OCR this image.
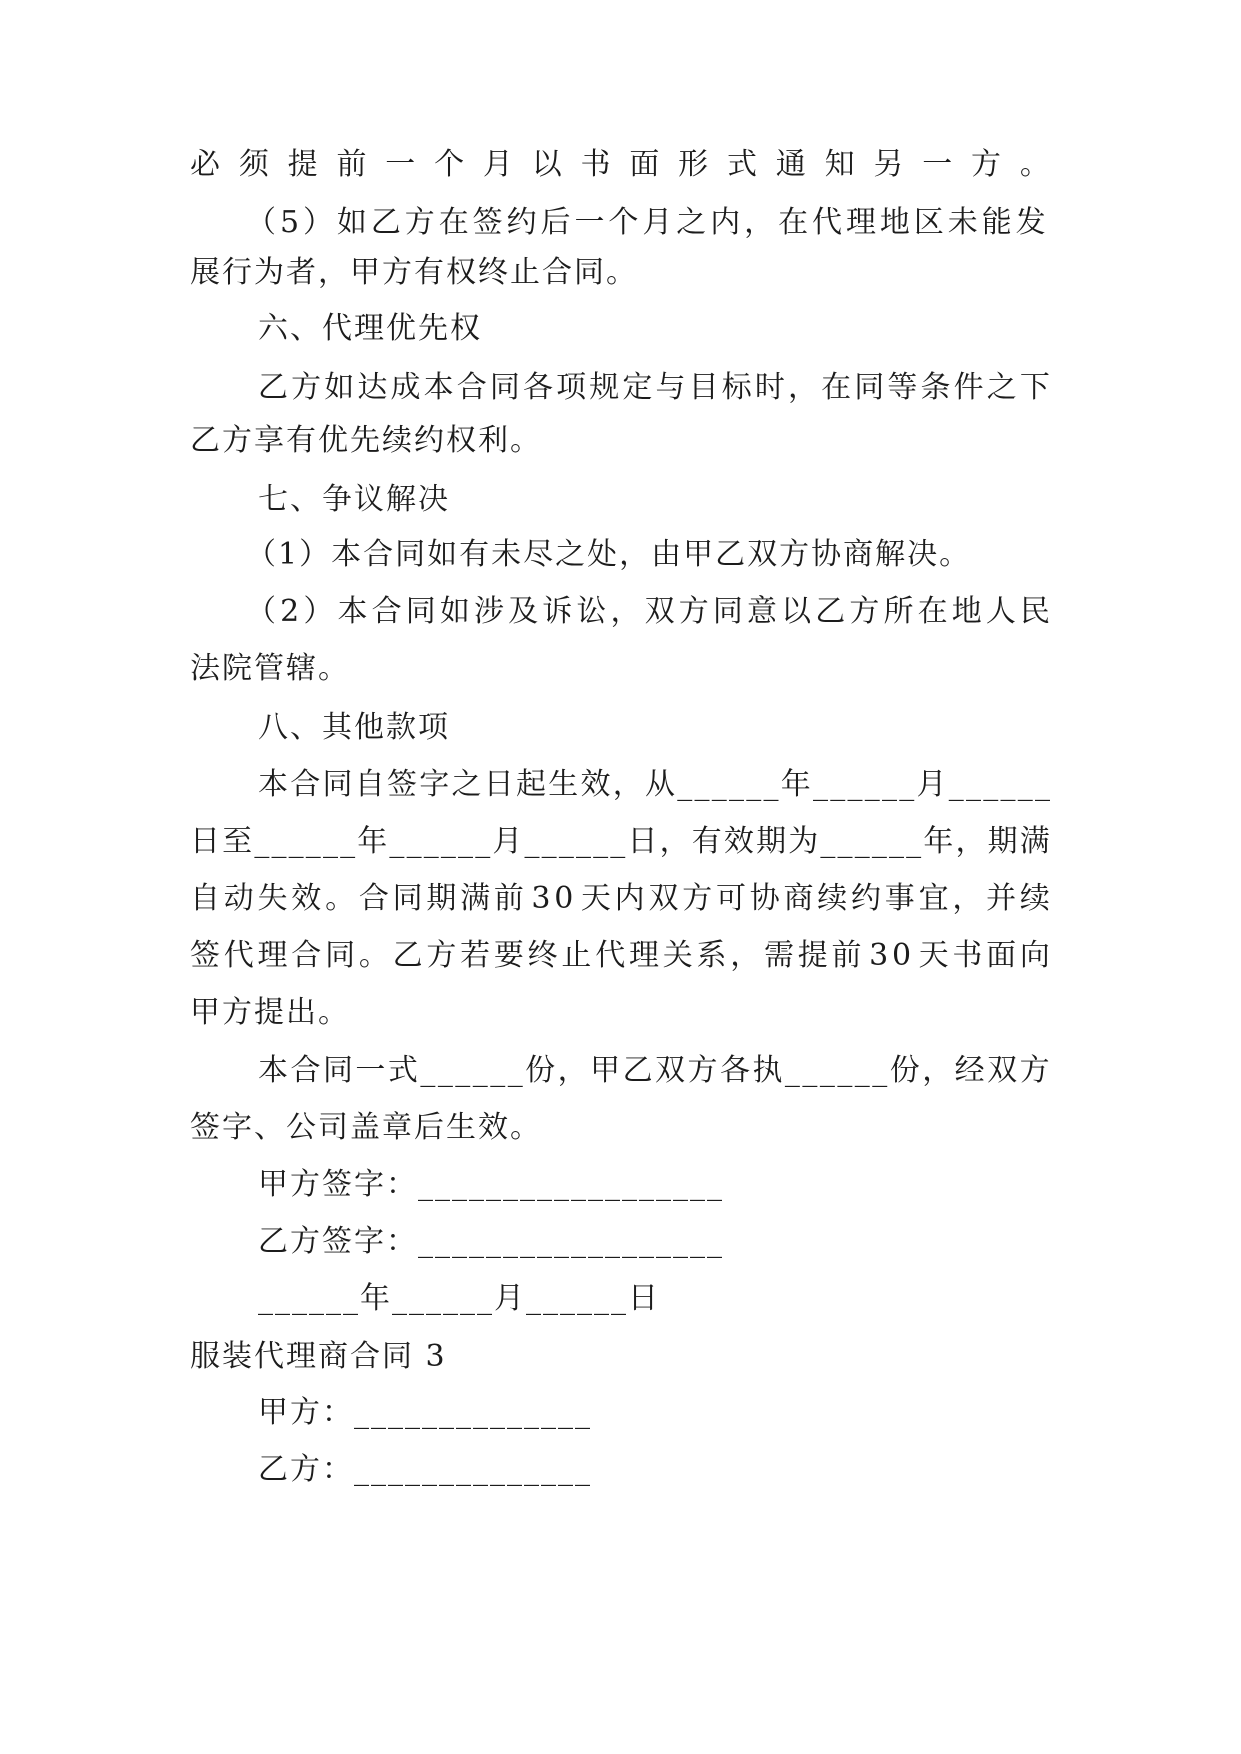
必 须 提 前 一 个 月 以 书 面 形 式 通 知 另 一 方 。

（ 5 ） 如 乙 方 在 签 约 后 一 个 月 之 内 ， 在 代 理 地 区 未 能 发

展行为者，甲方有权终止合同。

六、代理优先权

乙 方 如 达 成 本 合 同 各 项 规 定 与 目 标 时 ， 在 同 等 条 件 之 下

乙方享有优先续约权利。

七、争议解决

（1）本合同如有未尽之处，由甲乙双方协商解决。

（ 2 ） 本 合 同 如 涉 及 诉 讼 ， 双 方 同 意 以 乙 方 所 在 地 人 民

法院管辖。

八、其他款项

本 合 同 自 签 字 之 日 起 生 效 ， 从 _ _ _ _ _ _ 年 _ _ _ _ _ _ 月 _ _ _ _ _ _

日 至 _ _ _ _ _ _ 年 _ _ _ _ _ _ 月 _ _ _ _ _ _ 日 ， 有 效 期 为 _ _ _ _ _ _ 年 ， 期 满

自 动 失 效 。 合 同 期 满 前 3 0 天 内 双 方 可 协 商 续 约 事 宜 ， 并 续

签 代 理 合 同 。 乙 方 若 要 终 止 代 理 关 系 ， 需 提 前 3 0 天 书 面 向

甲方提出。

本 合 同 一 式 _ _ _ _ _ _ 份 ， 甲 乙 双 方 各 执 _ _ _ _ _ _ 份 ， 经 双 方

签字、公司盖章后生效。

甲方签字：__________________

乙方签字：__________________

______年______月______日

服装代理商合同 3

甲方：______________

乙方：______________
